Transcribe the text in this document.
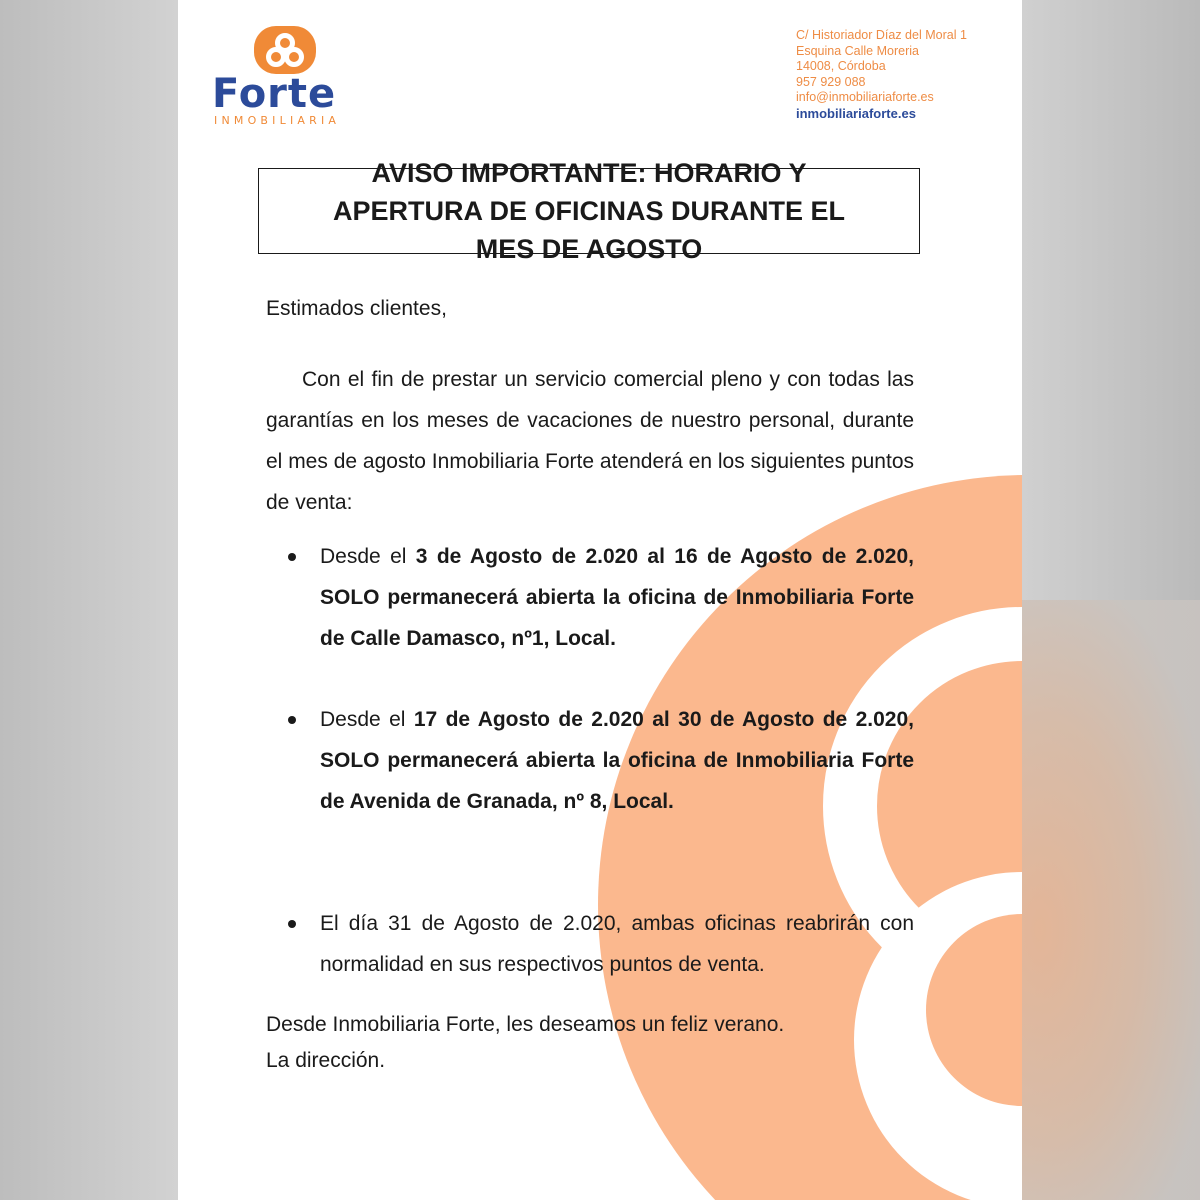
Forte
INMOBILIARIA
C/ Historiador Díaz del Moral 1
Esquina Calle Moreria
14008, Córdoba
957 929 088
info@inmobiliariaforte.es
inmobiliariaforte.es
AVISO IMPORTANTE: HORARIO Y APERTURA DE OFICINAS DURANTE EL MES DE AGOSTO
Estimados clientes,
Con el fin de prestar un servicio comercial pleno y con todas las garantías en los meses de vacaciones de nuestro personal, durante el mes de agosto Inmobiliaria Forte atenderá en los siguientes puntos de venta:
Desde el 3 de Agosto de 2.020 al 16 de Agosto de 2.020, SOLO permanecerá abierta la oficina de Inmobiliaria Forte de Calle Damasco, nº1, Local.
Desde el 17 de Agosto de 2.020 al 30 de Agosto de 2.020, SOLO permanecerá abierta la oficina de Inmobiliaria Forte de Avenida de Granada, nº 8, Local.
El día 31 de Agosto de 2.020, ambas oficinas reabrirán con normalidad en sus respectivos puntos de venta.
Desde Inmobiliaria Forte, les deseamos un feliz verano.
La dirección.
